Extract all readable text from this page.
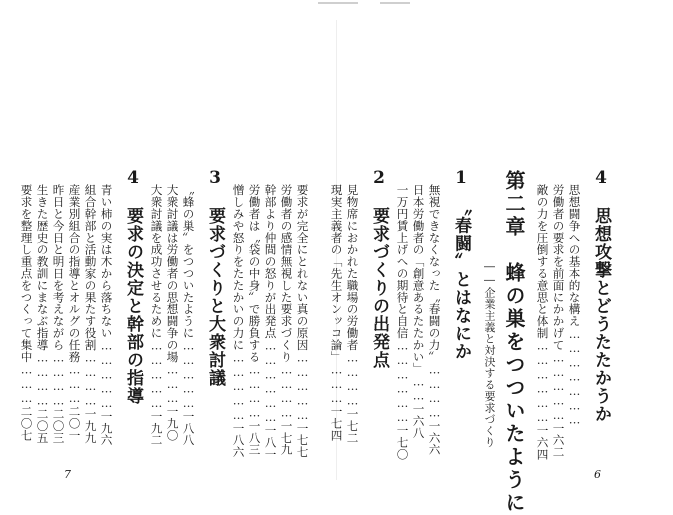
4　思想攻撃とどうたたかうか
思想闘争への基本的な構え…………………
労働者の要求を前面にかかげて……………一六二
敵の力を圧倒する意思と体制………………一六四
第二章　蜂の巣をつついたように
――企業主義と対決する要求づくり
1　〝春闘〟とはなにか
無視できなくなった〝春闘の力〟…………一六六
日本労働者の「創意あるたたかい」……一六八
一万円賃上げへの期待と自信………………一七〇
2　要求づくりの出発点
見物席におかれた職場の労働者…………一七二
現実主義者の「先生オンッコ論」………一七四
6
要求が完全にとれない真の原因……………一七七
労働者の感情無視した要求づくり…………一七九
幹部より仲間の怒りが出発点………………一八一
労働者は〝袋の中身〟で勝負する…………一八三
憎しみや怒りをたたかいの力に……………一八六
3　要求づくりと大衆討議
〝蜂の巣〟をつついたように……………一八八
大衆討議は労働者の思想闘争の場………一九〇
大衆討議を成功させるために……………一九二
4　要求の決定と幹部の指導
青い柿の実は木から落ちない……………一九六
組合幹部と活動家の果たす役割…………一九九
産業別組合の指導とオルグの任務………二〇一
昨日と今日と明日を考えながら…………二〇三
生きた歴史の教訓にまなぶ指導…………二〇五
要求を整理し重点をつくって集中………二〇七
7
